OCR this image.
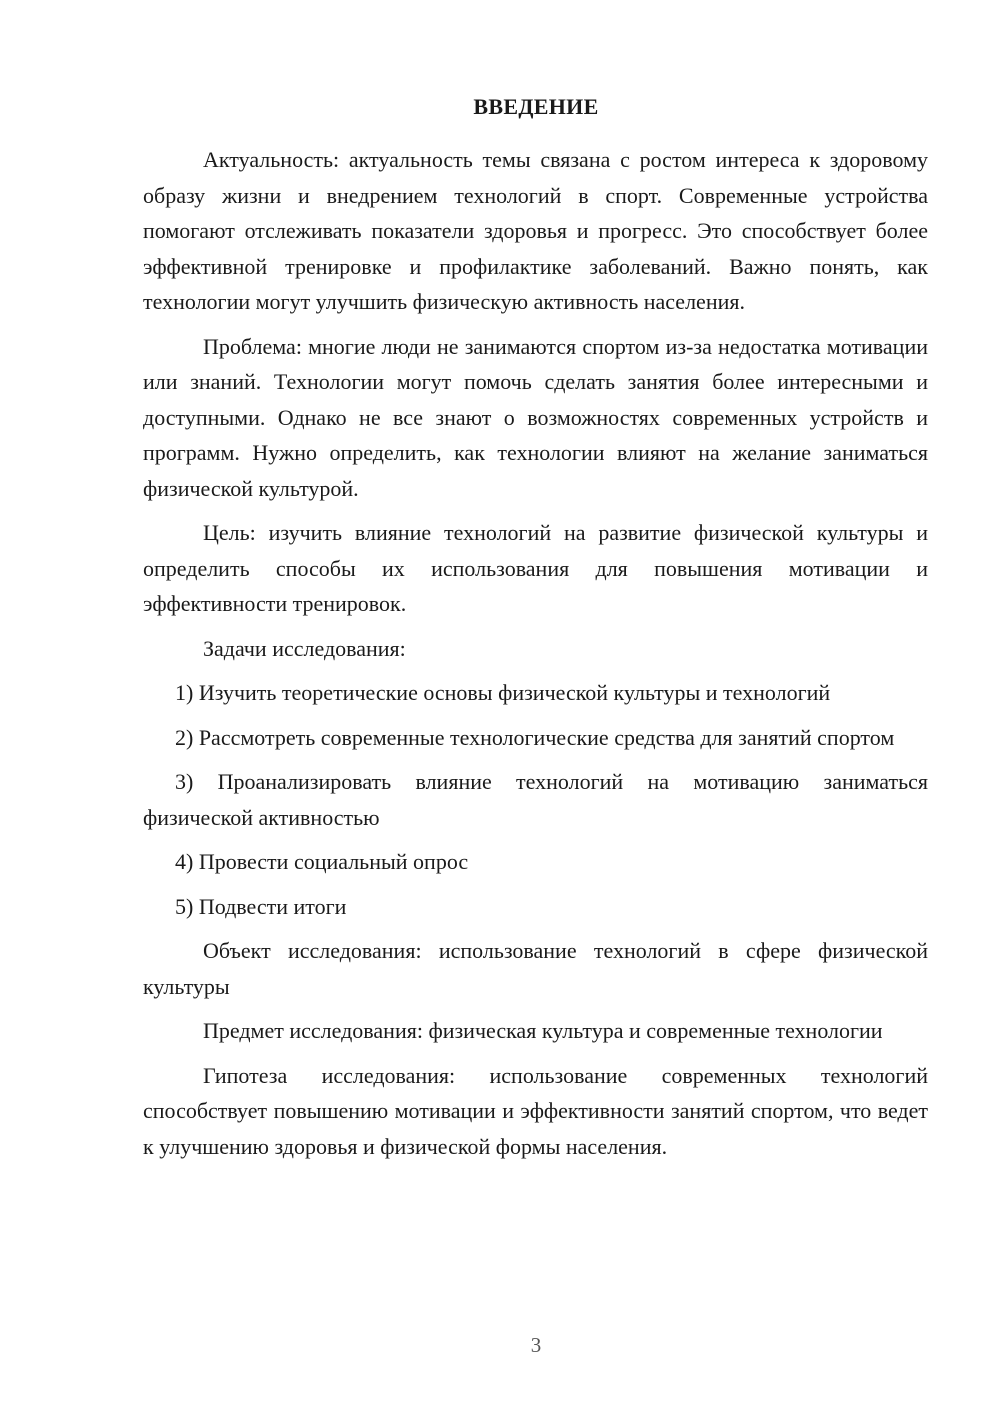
ВВЕДЕНИЕ

Актуальность: актуальность темы связана с ростом интереса к здоровому образу жизни и внедрением технологий в спорт. Современные устройства помогают отслеживать показатели здоровья и прогресс. Это способствует более эффективной тренировке и профилактике заболеваний. Важно понять, как технологии могут улучшить физическую активность населения.

Проблема: многие люди не занимаются спортом из-за недостатка мотивации или знаний. Технологии могут помочь сделать занятия более интересными и доступными. Однако не все знают о возможностях современных устройств и программ. Нужно определить, как технологии влияют на желание заниматься физической культурой.

Цель: изучить влияние технологий на развитие физической культуры и определить способы их использования для повышения мотивации и эффективности тренировок.

Задачи исследования:

1) Изучить теоретические основы физической культуры и технологий

2) Рассмотреть современные технологические средства для занятий спортом

3) Проанализировать влияние технологий на мотивацию заниматься физической активностью

4) Провести социальный опрос

5) Подвести итоги

Объект исследования: использование технологий в сфере физической культуры

Предмет исследования: физическая культура и современные технологии

Гипотеза исследования: использование современных технологий способствует повышению мотивации и эффективности занятий спортом, что ведет к улучшению здоровья и физической формы населения.

3
